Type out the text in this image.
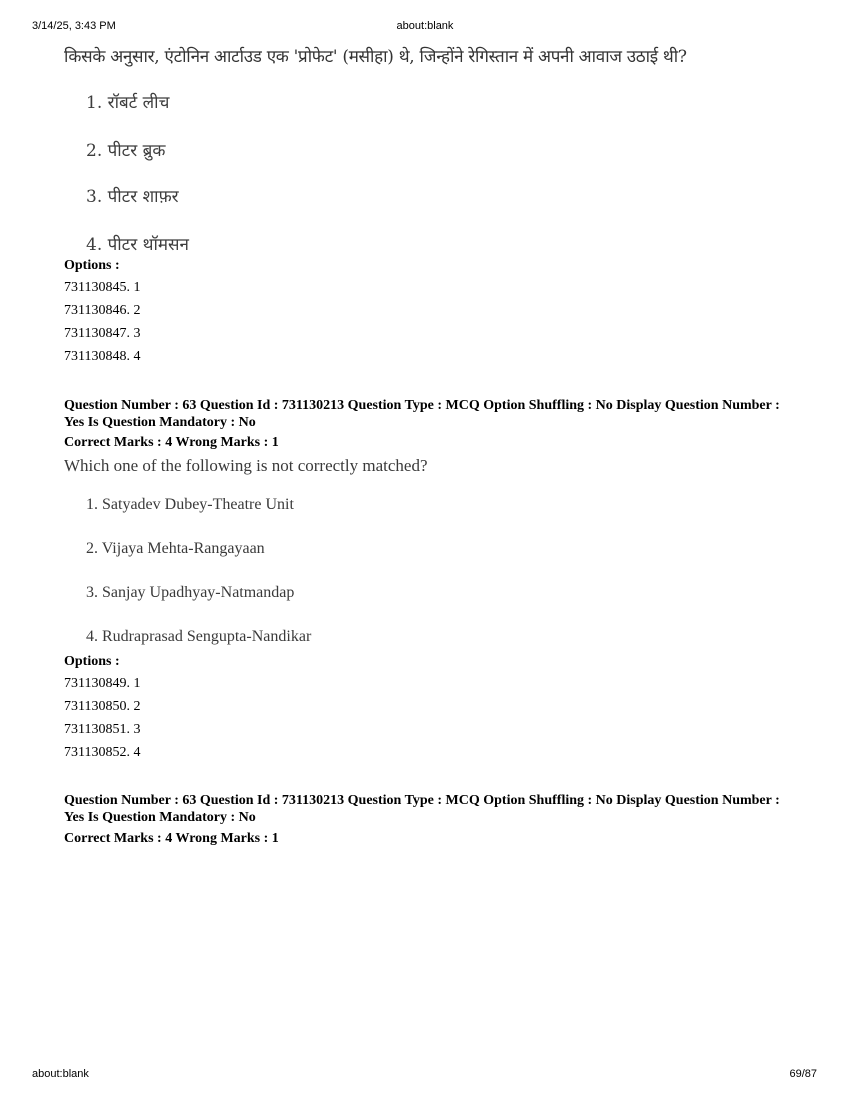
3/14/25, 3:43 PM	about:blank
किसके अनुसार, एंटोनिन आर्टाउड एक 'प्रोफेट' (मसीहा) थे, जिन्होंने रेगिस्तान में अपनी आवाज उठाई थी?
1. रॉबर्ट लीच
2. पीटर ब्रुक
3. पीटर शाफ़र
4. पीटर थॉमसन
Options :
731130845. 1
731130846. 2
731130847. 3
731130848. 4
Question Number : 63 Question Id : 731130213 Question Type : MCQ Option Shuffling : No Display Question Number : Yes Is Question Mandatory : No
Correct Marks : 4 Wrong Marks : 1
Which one of the following is not correctly matched?
1. Satyadev Dubey-Theatre Unit
2. Vijaya Mehta-Rangayaan
3. Sanjay Upadhyay-Natmandap
4. Rudraprasad Sengupta-Nandikar
Options :
731130849. 1
731130850. 2
731130851. 3
731130852. 4
Question Number : 63 Question Id : 731130213 Question Type : MCQ Option Shuffling : No Display Question Number : Yes Is Question Mandatory : No
Correct Marks : 4 Wrong Marks : 1
about:blank	69/87
